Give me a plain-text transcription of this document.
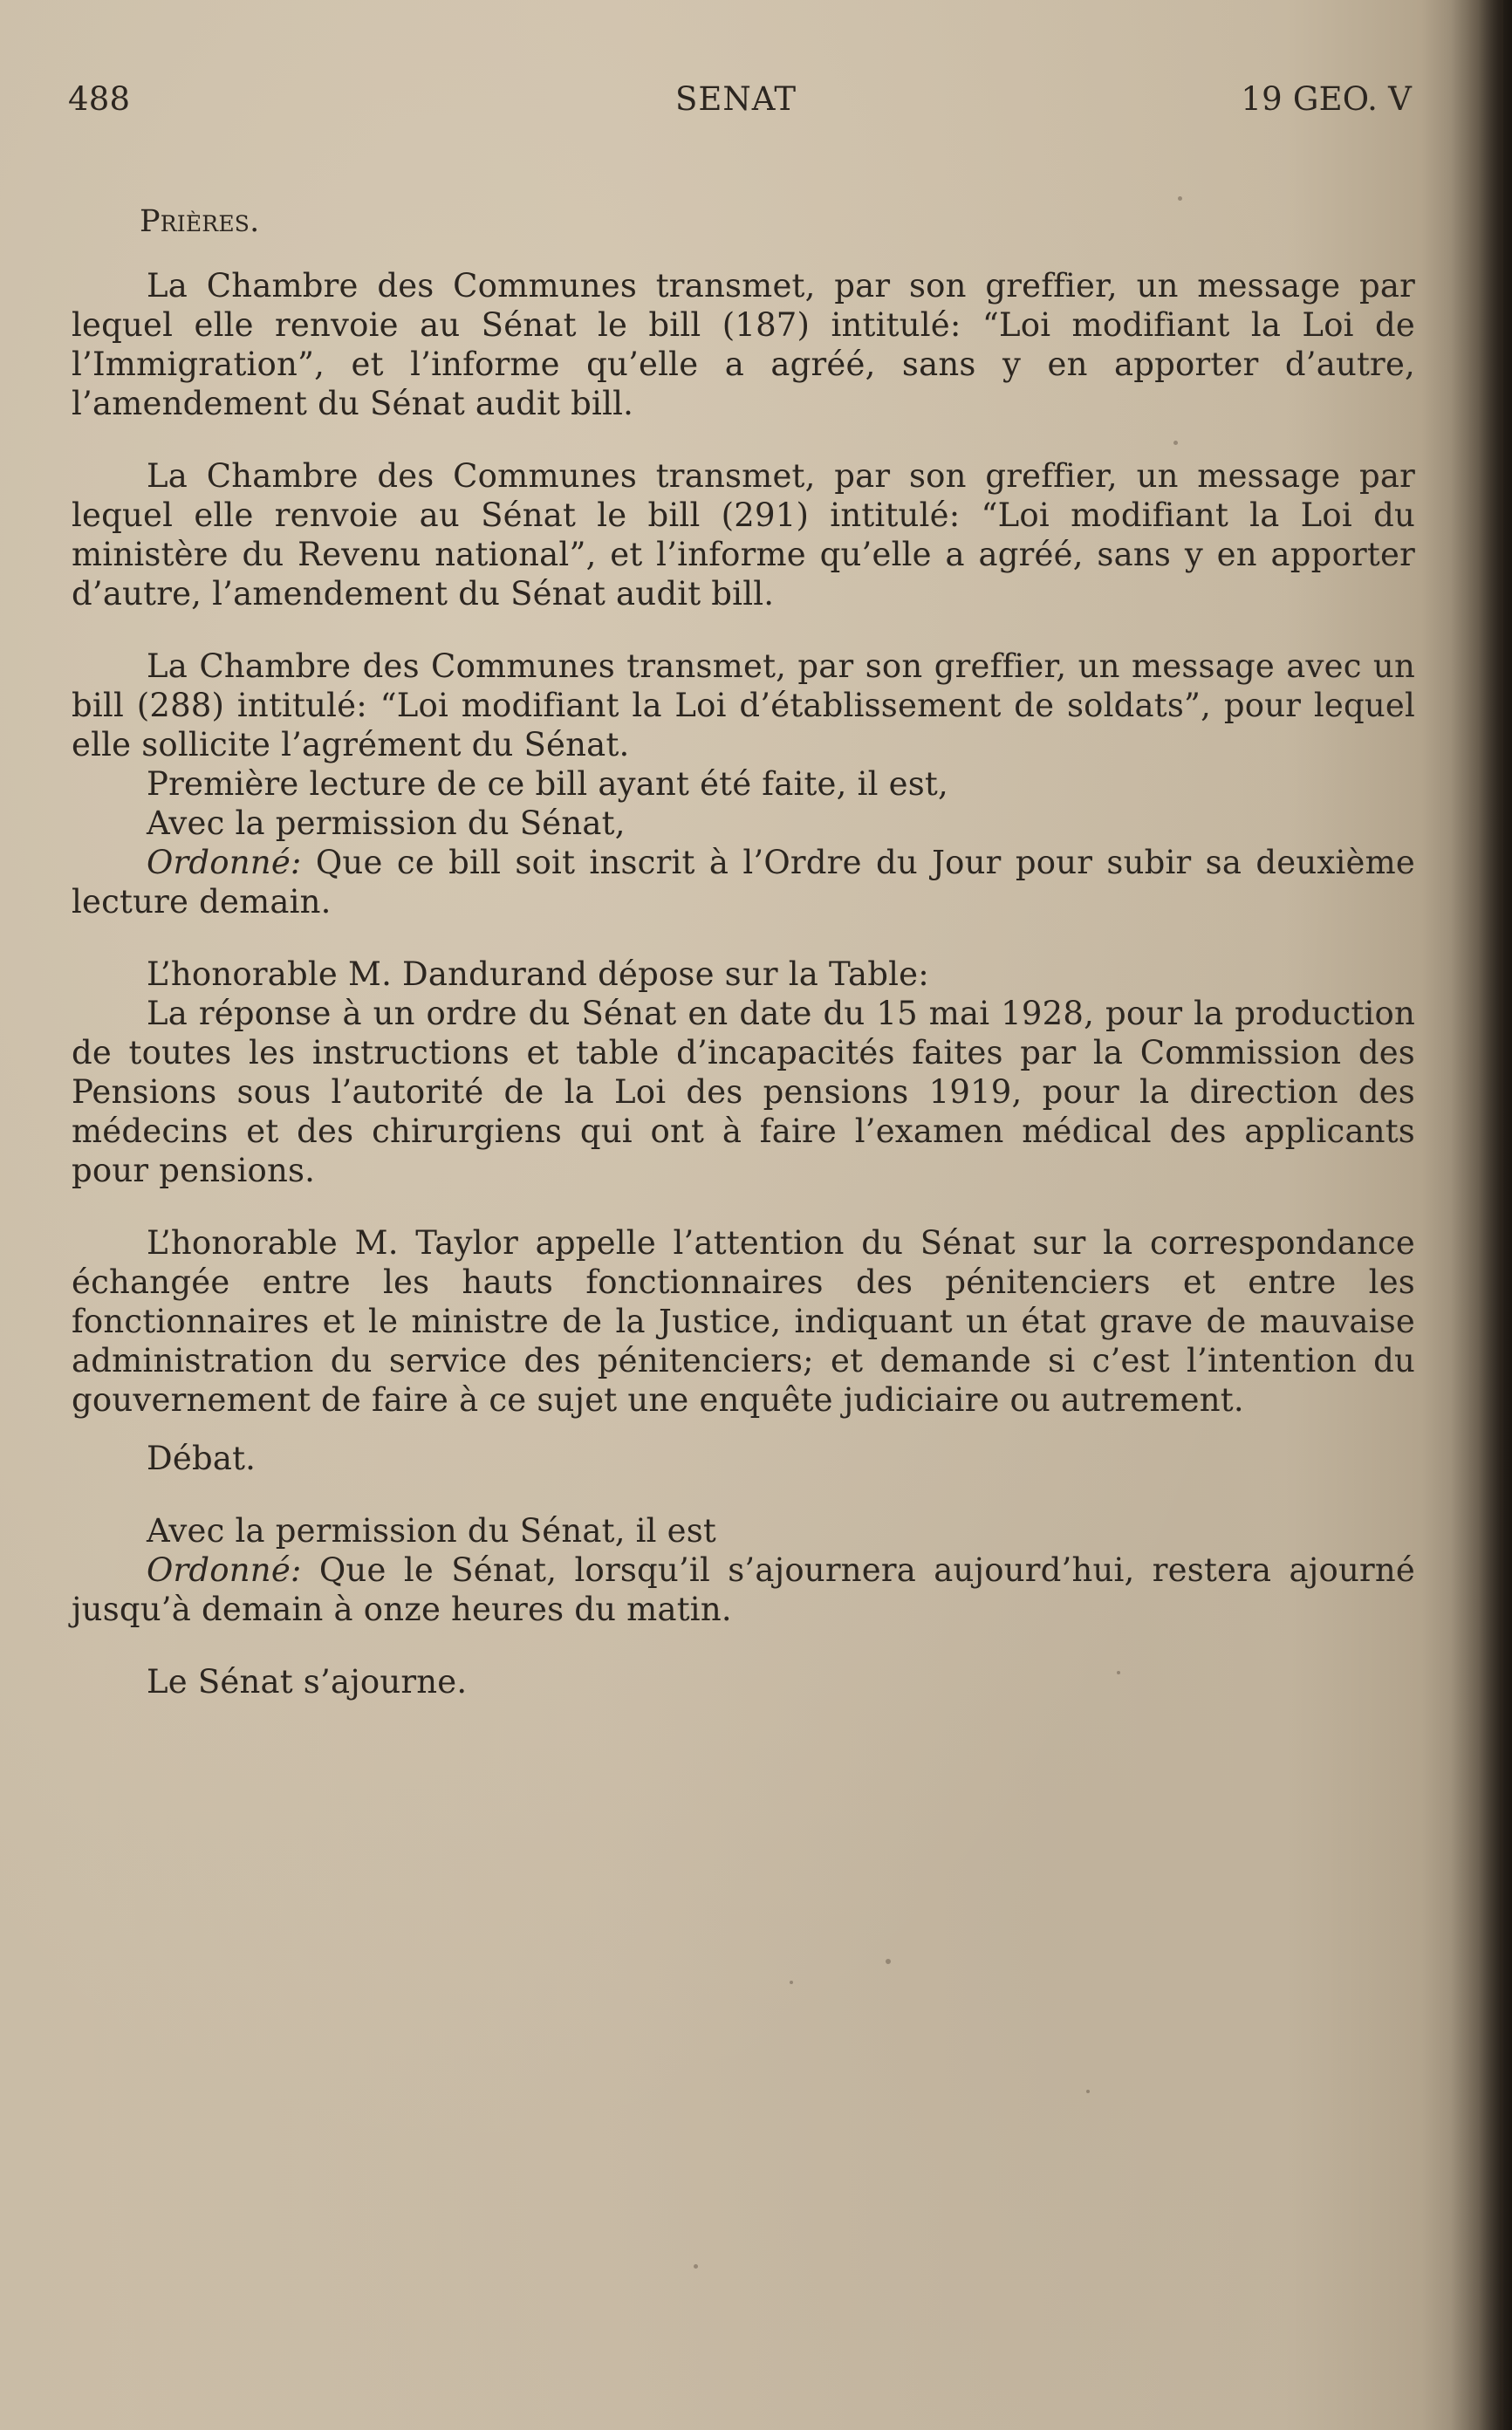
488	SENAT	19 GEO. V

Prières.

La Chambre des Communes transmet, par son greffier, un message par lequel elle renvoie au Sénat le bill (187) intitulé: “Loi modifiant la Loi de l’Immigration”, et l’informe qu’elle a agréé, sans y en apporter d’autre, l’amendement du Sénat audit bill.

La Chambre des Communes transmet, par son greffier, un message par lequel elle renvoie au Sénat le bill (291) intitulé: “Loi modifiant la Loi du ministère du Revenu national”, et l’informe qu’elle a agréé, sans y en apporter d’autre, l’amendement du Sénat audit bill.

La Chambre des Communes transmet, par son greffier, un message avec un bill (288) intitulé: “Loi modifiant la Loi d’établissement de soldats”, pour lequel elle sollicite l’agrément du Sénat.

Première lecture de ce bill ayant été faite, il est,

Avec la permission du Sénat,

Ordonné: Que ce bill soit inscrit à l’Ordre du Jour pour subir sa deuxième lecture demain.

L’honorable M. Dandurand dépose sur la Table:

La réponse à un ordre du Sénat en date du 15 mai 1928, pour la production de toutes les instructions et table d’incapacités faites par la Commission des Pensions sous l’autorité de la Loi des pensions 1919, pour la direction des médecins et des chirurgiens qui ont à faire l’examen médical des applicants pour pensions.

L’honorable M. Taylor appelle l’attention du Sénat sur la correspondance échangée entre les hauts fonctionnaires des pénitenciers et entre les fonctionnaires et le ministre de la Justice, indiquant un état grave de mauvaise administration du service des pénitenciers; et demande si c’est l’intention du gouvernement de faire à ce sujet une enquête judiciaire ou autrement.

Débat.

Avec la permission du Sénat, il est

Ordonné: Que le Sénat, lorsqu’il s’ajournera aujourd’hui, restera ajourné jusqu’à demain à onze heures du matin.

Le Sénat s’ajourne.
